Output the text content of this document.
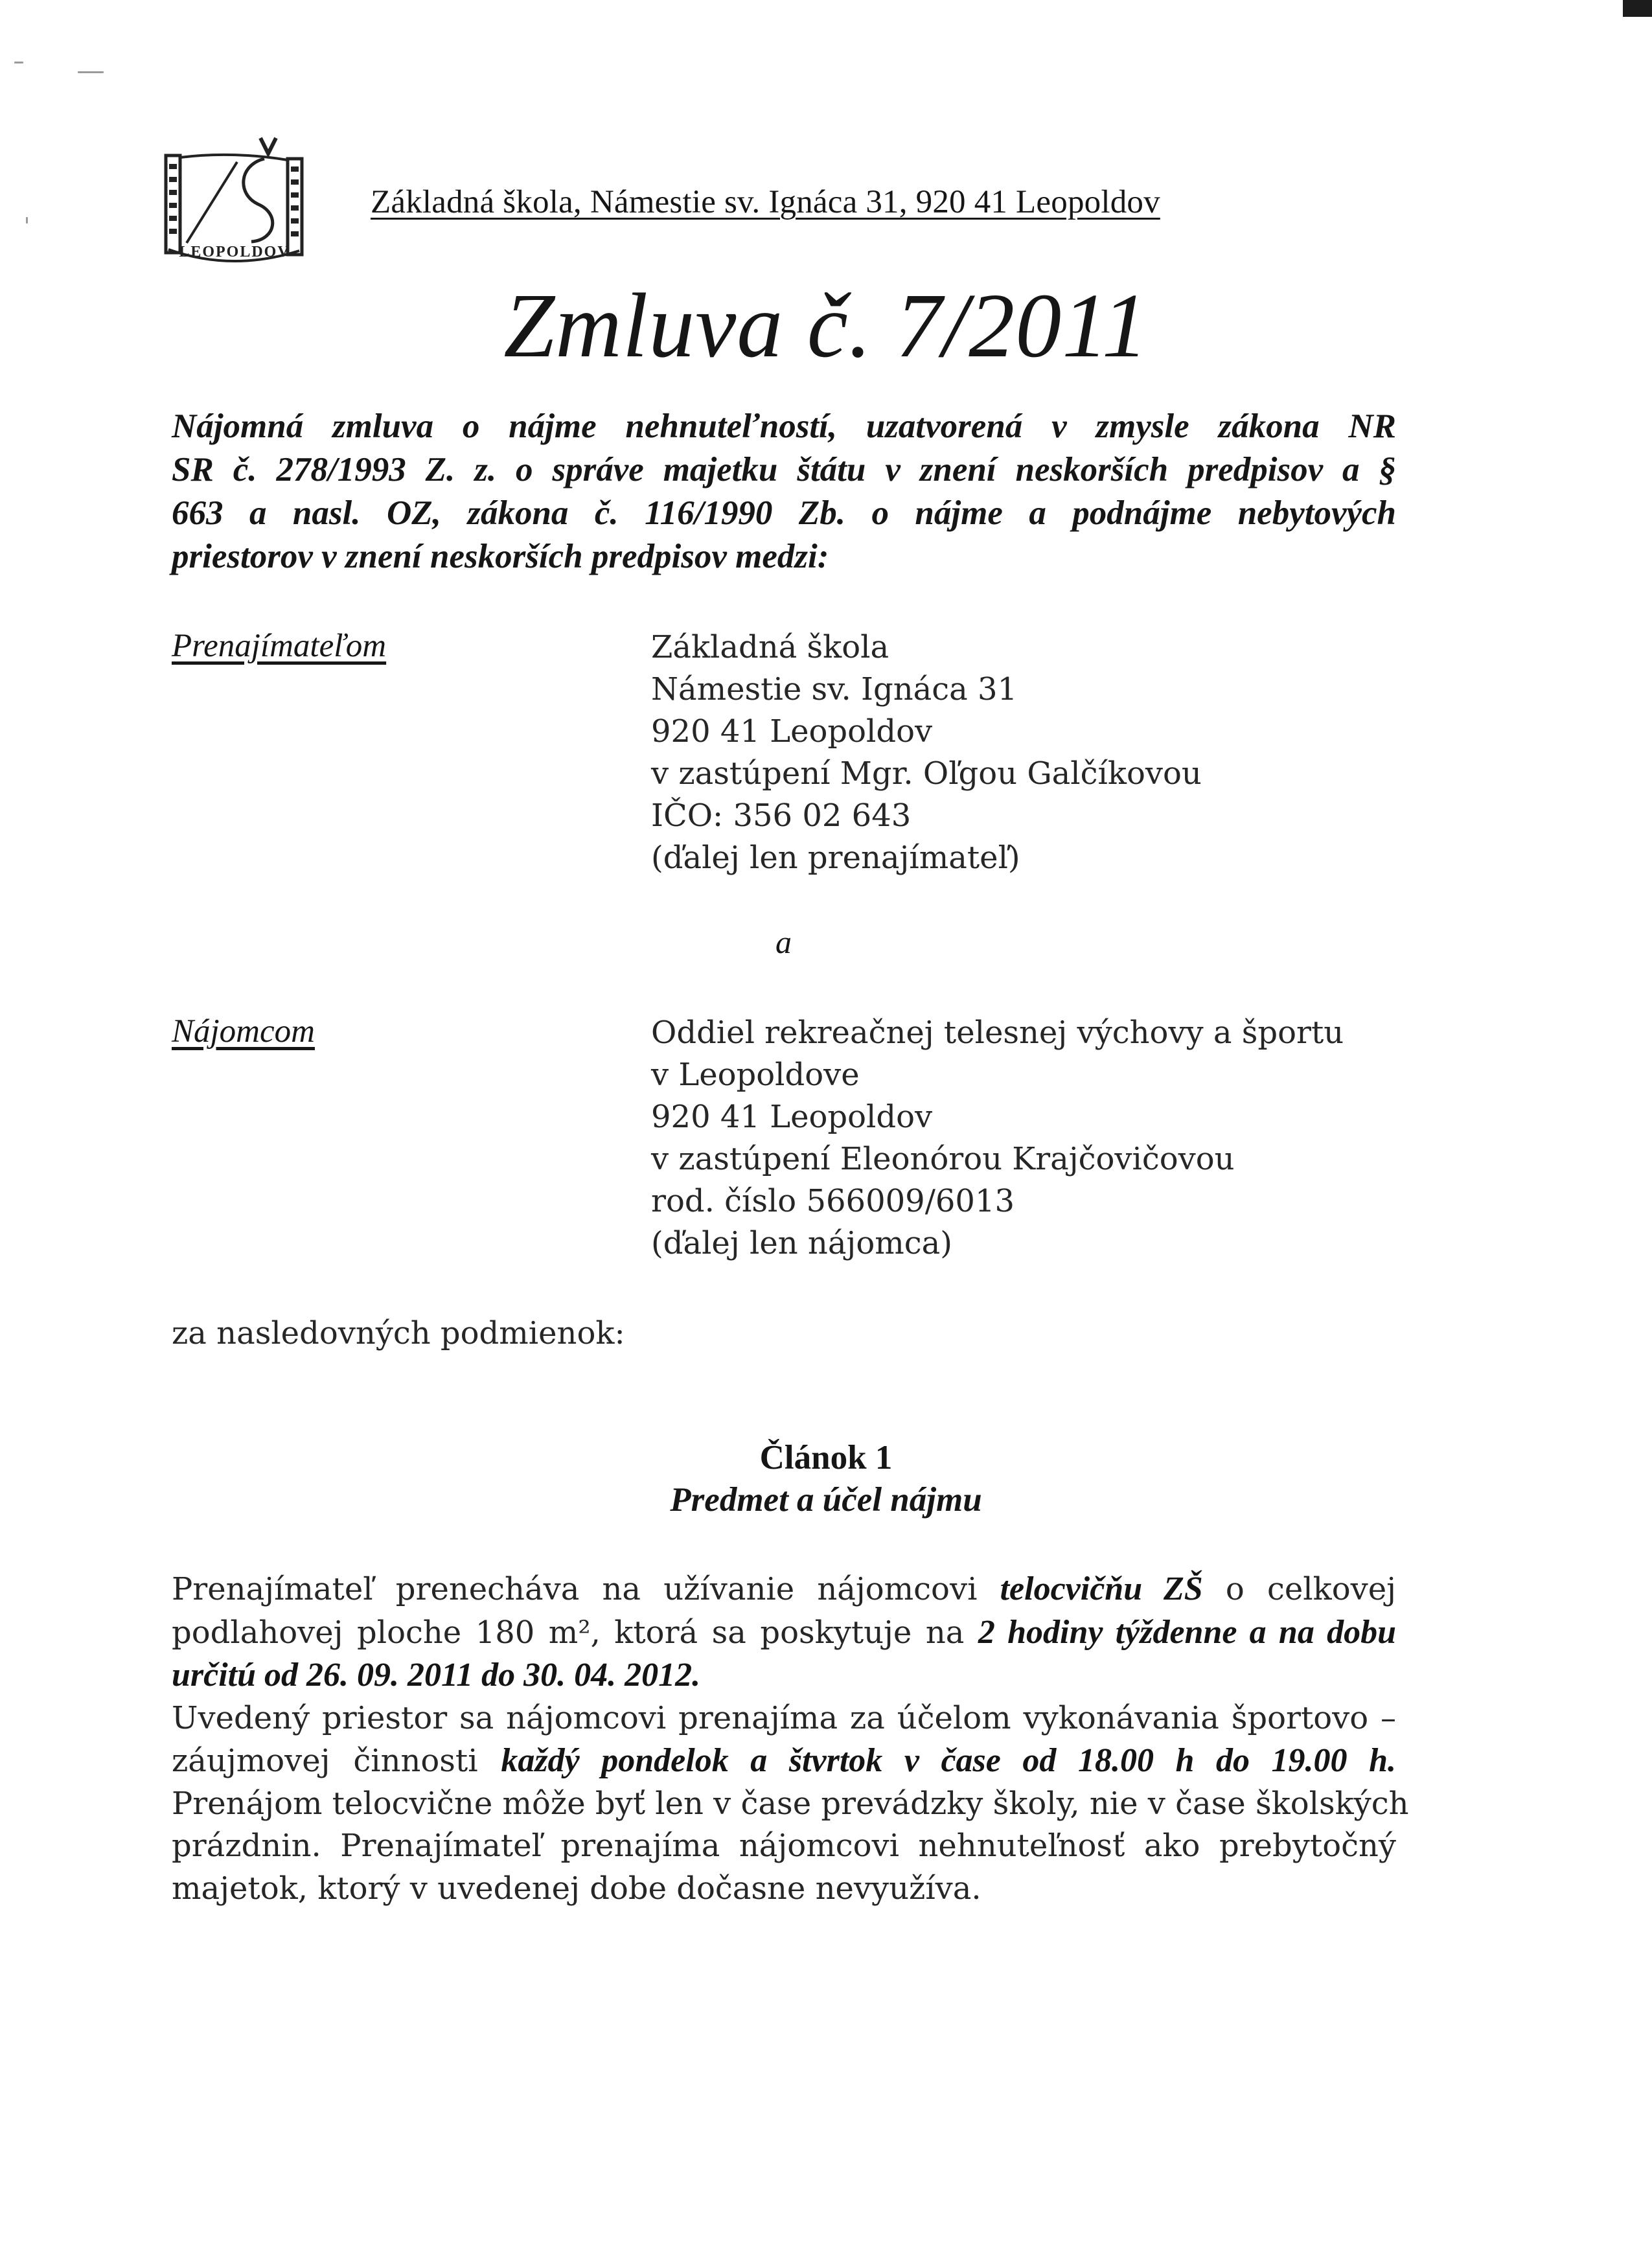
LEOPOLDOV
Základná škola, Námestie sv. Ignáca 31, 920 41 Leopoldov
Zmluva č. 7/2011
Nájomná zmluva o nájme nehnuteľností, uzatvorená v zmysle zákona NR
SR č. 278/1993 Z. z. o správe majetku štátu v znení neskorších predpisov a §
663 a nasl. OZ, zákona č. 116/1990 Zb. o nájme a podnájme nebytových
priestorov v znení neskorších predpisov medzi:
Prenajímateľom	Základná škola
Námestie sv. Ignáca 31
920 41 Leopoldov
v zastúpení Mgr. Oľgou Galčíkovou
IČO: 356 02 643
(ďalej len prenajímateľ)
a
Nájomcom	Oddiel rekreačnej telesnej výchovy a športu
v Leopoldove
920 41 Leopoldov
v zastúpení Eleonórou Krajčovičovou
rod. číslo 566009/6013
(ďalej len nájomca)
za nasledovných podmienok:
Článok 1
Predmet a účel nájmu
Prenajímateľ prenecháva na užívanie nájomcovi telocvičňu ZŠ o celkovej
podlahovej ploche 180 m², ktorá sa poskytuje na 2 hodiny týždenne a na dobu
určitú od 26. 09. 2011 do 30. 04. 2012.
Uvedený priestor sa nájomcovi prenajíma za účelom vykonávania športovo –
záujmovej činnosti každý pondelok a štvrtok v čase od 18.00 h do 19.00 h.
Prenájom telocvične môže byť len v čase prevádzky školy, nie v čase školských
prázdnin. Prenajímateľ prenajíma nájomcovi nehnuteľnosť ako prebytočný
majetok, ktorý v uvedenej dobe dočasne nevyužíva.
